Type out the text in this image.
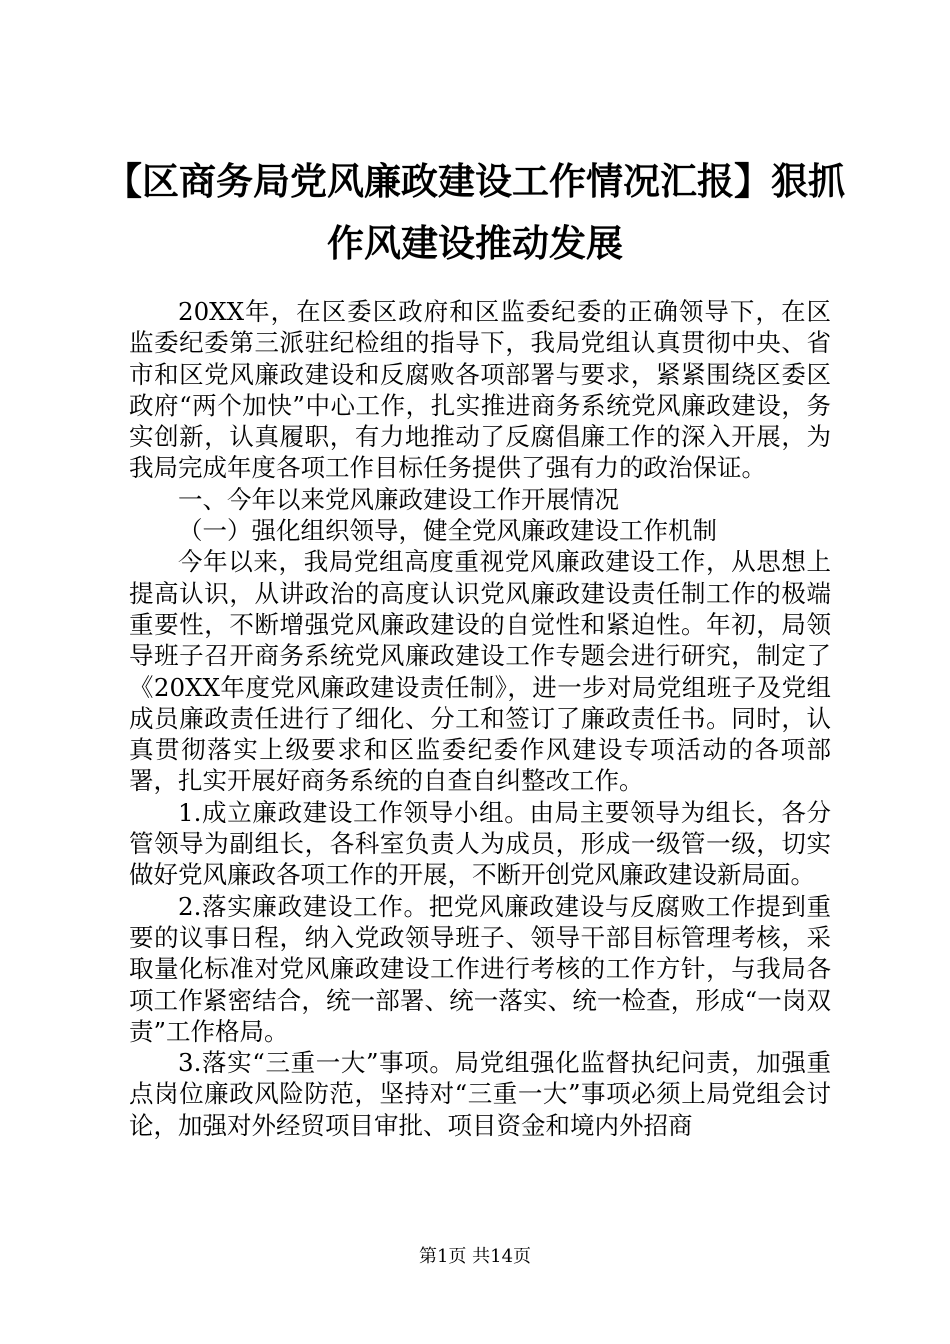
【区商务局党风廉政建设工作情况汇报】狠抓
作风建设推动发展

20XX年，在区委区政府和区监委纪委的正确领导下，在区监委纪委第三派驻纪检组的指导下，我局党组认真贯彻中央、省市和区党风廉政建设和反腐败各项部署与要求，紧紧围绕区委区政府“两个加快”中心工作，扎实推进商务系统党风廉政建设，务实创新，认真履职，有力地推动了反腐倡廉工作的深入开展，为我局完成年度各项工作目标任务提供了强有力的政治保证。

一、今年以来党风廉政建设工作开展情况

（一）强化组织领导，健全党风廉政建设工作机制

今年以来，我局党组高度重视党风廉政建设工作，从思想上提高认识，从讲政治的高度认识党风廉政建设责任制工作的极端重要性，不断增强党风廉政建设的自觉性和紧迫性。年初，局领导班子召开商务系统党风廉政建设工作专题会进行研究，制定了《20XX年度党风廉政建设责任制》，进一步对局党组班子及党组成员廉政责任进行了细化、分工和签订了廉政责任书。同时，认真贯彻落实上级要求和区监委纪委作风建设专项活动的各项部署，扎实开展好商务系统的自查自纠整改工作。

1.成立廉政建设工作领导小组。由局主要领导为组长，各分管领导为副组长，各科室负责人为成员，形成一级管一级，切实做好党风廉政各项工作的开展，不断开创党风廉政建设新局面。

2.落实廉政建设工作。把党风廉政建设与反腐败工作提到重要的议事日程，纳入党政领导班子、领导干部目标管理考核，采取量化标准对党风廉政建设工作进行考核的工作方针，与我局各项工作紧密结合，统一部署、统一落实、统一检查，形成“一岗双责”工作格局。

3.落实“三重一大”事项。局党组强化监督执纪问责，加强重点岗位廉政风险防范，坚持对“三重一大”事项必须上局党组会讨论，加强对外经贸项目审批、项目资金和境内外招商

第1页 共14页
